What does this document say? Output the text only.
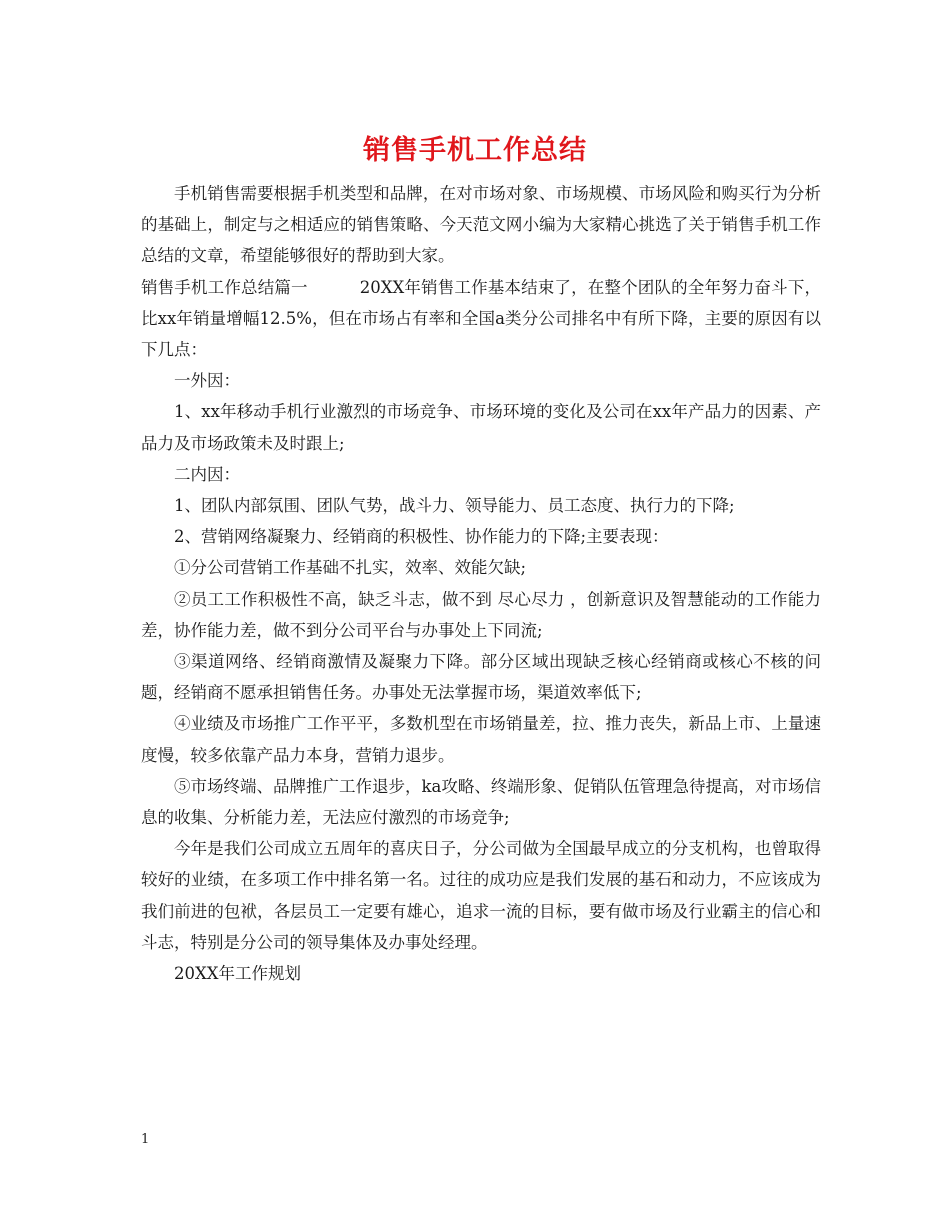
销售手机工作总结

手机销售需要根据手机类型和品牌，在对市场对象、市场规模、市场风险和购买行为分析的基础上，制定与之相适应的销售策略、今天范文网小编为大家精心挑选了关于销售手机工作总结的文章，希望能够很好的帮助到大家。

销售手机工作总结篇一	20XX年销售工作基本结束了，在整个团队的全年努力奋斗下，比xx年销量增幅12.5%，但在市场占有率和全国a类分公司排名中有所下降，主要的原因有以下几点：

一外因：

1、xx年移动手机行业激烈的市场竞争、市场环境的变化及公司在xx年产品力的因素、产品力及市场政策未及时跟上;

二内因：

1、团队内部氛围、团队气势，战斗力、领导能力、员工态度、执行力的下降;

2、营销网络凝聚力、经销商的积极性、协作能力的下降;主要表现：

①分公司营销工作基础不扎实，效率、效能欠缺;

②员工工作积极性不高，缺乏斗志，做不到 尽心尽力 ，创新意识及智慧能动的工作能力差，协作能力差，做不到分公司平台与办事处上下同流;

③渠道网络、经销商激情及凝聚力下降。部分区域出现缺乏核心经销商或核心不核的问题，经销商不愿承担销售任务。办事处无法掌握市场，渠道效率低下;

④业绩及市场推广工作平平，多数机型在市场销量差，拉、推力丧失，新品上市、上量速度慢，较多依靠产品力本身，营销力退步。

⑤市场终端、品牌推广工作退步，ka攻略、终端形象、促销队伍管理急待提高，对市场信息的收集、分析能力差，无法应付激烈的市场竞争;

今年是我们公司成立五周年的喜庆日子，分公司做为全国最早成立的分支机构，也曾取得较好的业绩，在多项工作中排名第一名。过往的成功应是我们发展的基石和动力，不应该成为我们前进的包袱，各层员工一定要有雄心，追求一流的目标，要有做市场及行业霸主的信心和斗志，特别是分公司的领导集体及办事处经理。

20XX年工作规划

1
